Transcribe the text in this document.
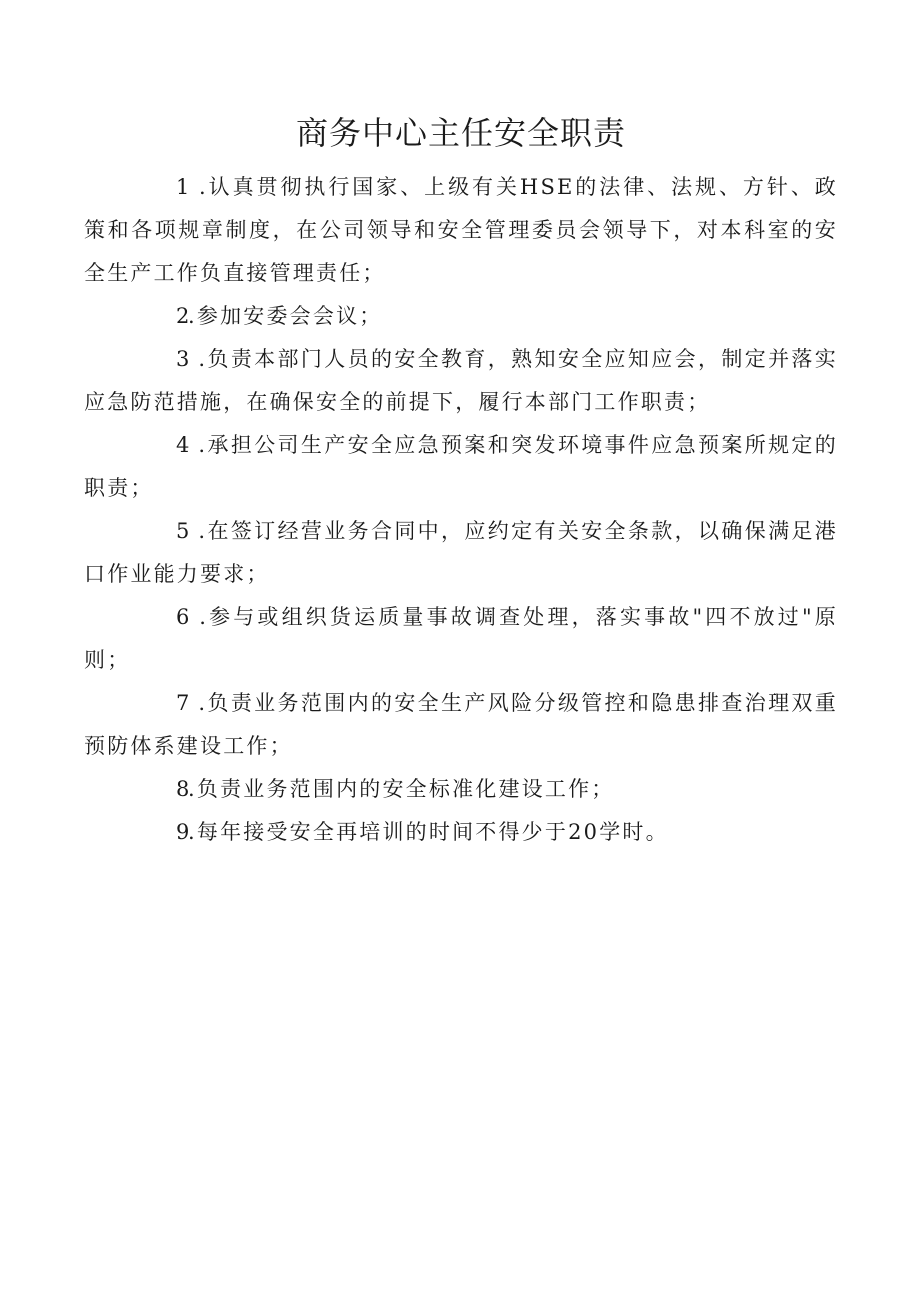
商务中心主任安全职责

1 .认真贯彻执行国家、上级有关HSE的法律、法规、方针、政策和各项规章制度，在公司领导和安全管理委员会领导下，对本科室的安全生产工作负直接管理责任；

2.参加安委会会议；

3 .负责本部门人员的安全教育，熟知安全应知应会，制定并落实应急防范措施，在确保安全的前提下，履行本部门工作职责；

4 .承担公司生产安全应急预案和突发环境事件应急预案所规定的职责；

5 .在签订经营业务合同中，应约定有关安全条款，以确保满足港口作业能力要求；

6 .参与或组织货运质量事故调查处理，落实事故"四不放过"原则；

7 .负责业务范围内的安全生产风险分级管控和隐患排查治理双重预防体系建设工作；

8.负责业务范围内的安全标准化建设工作；

9.每年接受安全再培训的时间不得少于20学时。
